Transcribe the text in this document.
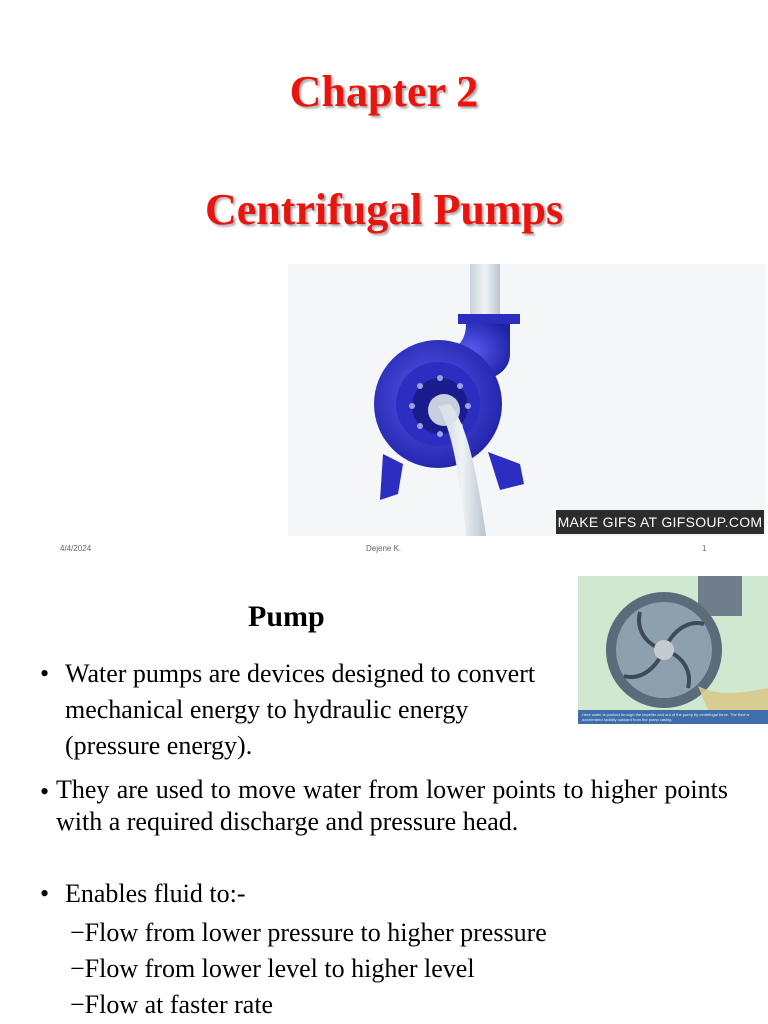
Chapter 2
Centrifugal Pumps
MAKE GIFS AT GIFSOUP.COM
4/4/2024	Dejene K.	1
Pump
Here water is pushed through the impeller and out of the pump by centrifugal force. The fluid is accelerated radially outward from the pump casing.
• Water pumps are devices designed to convert mechanical energy to hydraulic energy (pressure energy).
• They are used to move water from lower points to higher points with a required discharge and pressure head.
• Enables fluid to:-
−Flow from lower pressure to higher pressure
−Flow from lower level to higher level
−Flow at faster rate
